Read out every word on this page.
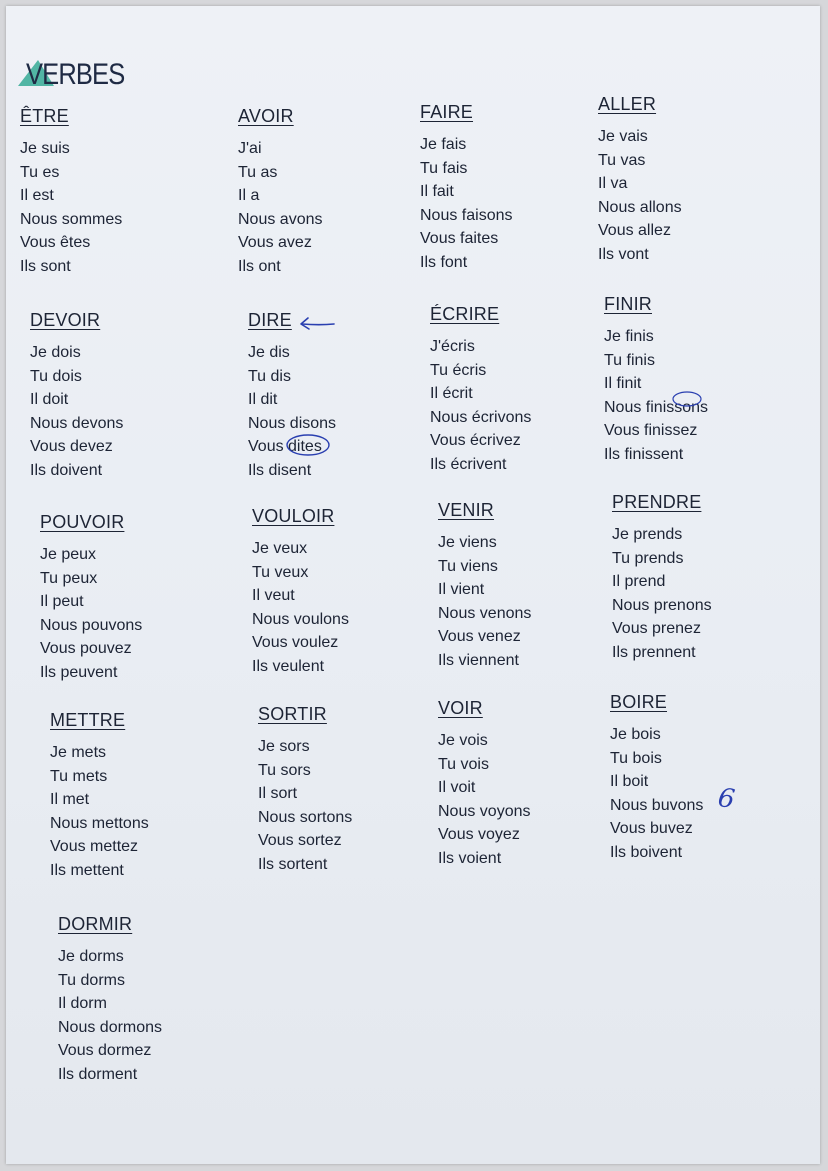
VERBES
ÊTRE
Je suis
Tu es
Il est
Nous sommes
Vous êtes
Ils sont
AVOIR
J'ai
Tu as
Il a
Nous avons
Vous avez
Ils ont
FAIRE
Je fais
Tu fais
Il fait
Nous faisons
Vous faites
Ils font
ALLER
Je vais
Tu vas
Il va
Nous allons
Vous allez
Ils vont
DEVOIR
Je dois
Tu dois
Il doit
Nous devons
Vous devez
Ils doivent
DIRE
Je dis
Tu dis
Il dit
Nous disons
Vous dites
Ils disent
ÉCRIRE
J'écris
Tu écris
Il écrit
Nous écrivons
Vous écrivez
Ils écrivent
FINIR
Je finis
Tu finis
Il finit
Nous finissons
Vous finissez
Ils finissent
POUVOIR
Je peux
Tu peux
Il peut
Nous pouvons
Vous pouvez
Ils peuvent
VOULOIR
Je veux
Tu veux
Il veut
Nous voulons
Vous voulez
Ils veulent
VENIR
Je viens
Tu viens
Il vient
Nous venons
Vous venez
Ils viennent
PRENDRE
Je prends
Tu prends
Il prend
Nous prenons
Vous prenez
Ils prennent
METTRE
Je mets
Tu mets
Il met
Nous mettons
Vous mettez
Ils mettent
SORTIR
Je sors
Tu sors
Il sort
Nous sortons
Vous sortez
Ils sortent
VOIR
Je vois
Tu vois
Il voit
Nous voyons
Vous voyez
Ils voient
BOIRE
Je bois
Tu bois
Il boit
Nous buvons
Vous buvez
Ils boivent
DORMIR
Je dorms
Tu dorms
Il dorm
Nous dormons
Vous dormez
Ils dorment
6
